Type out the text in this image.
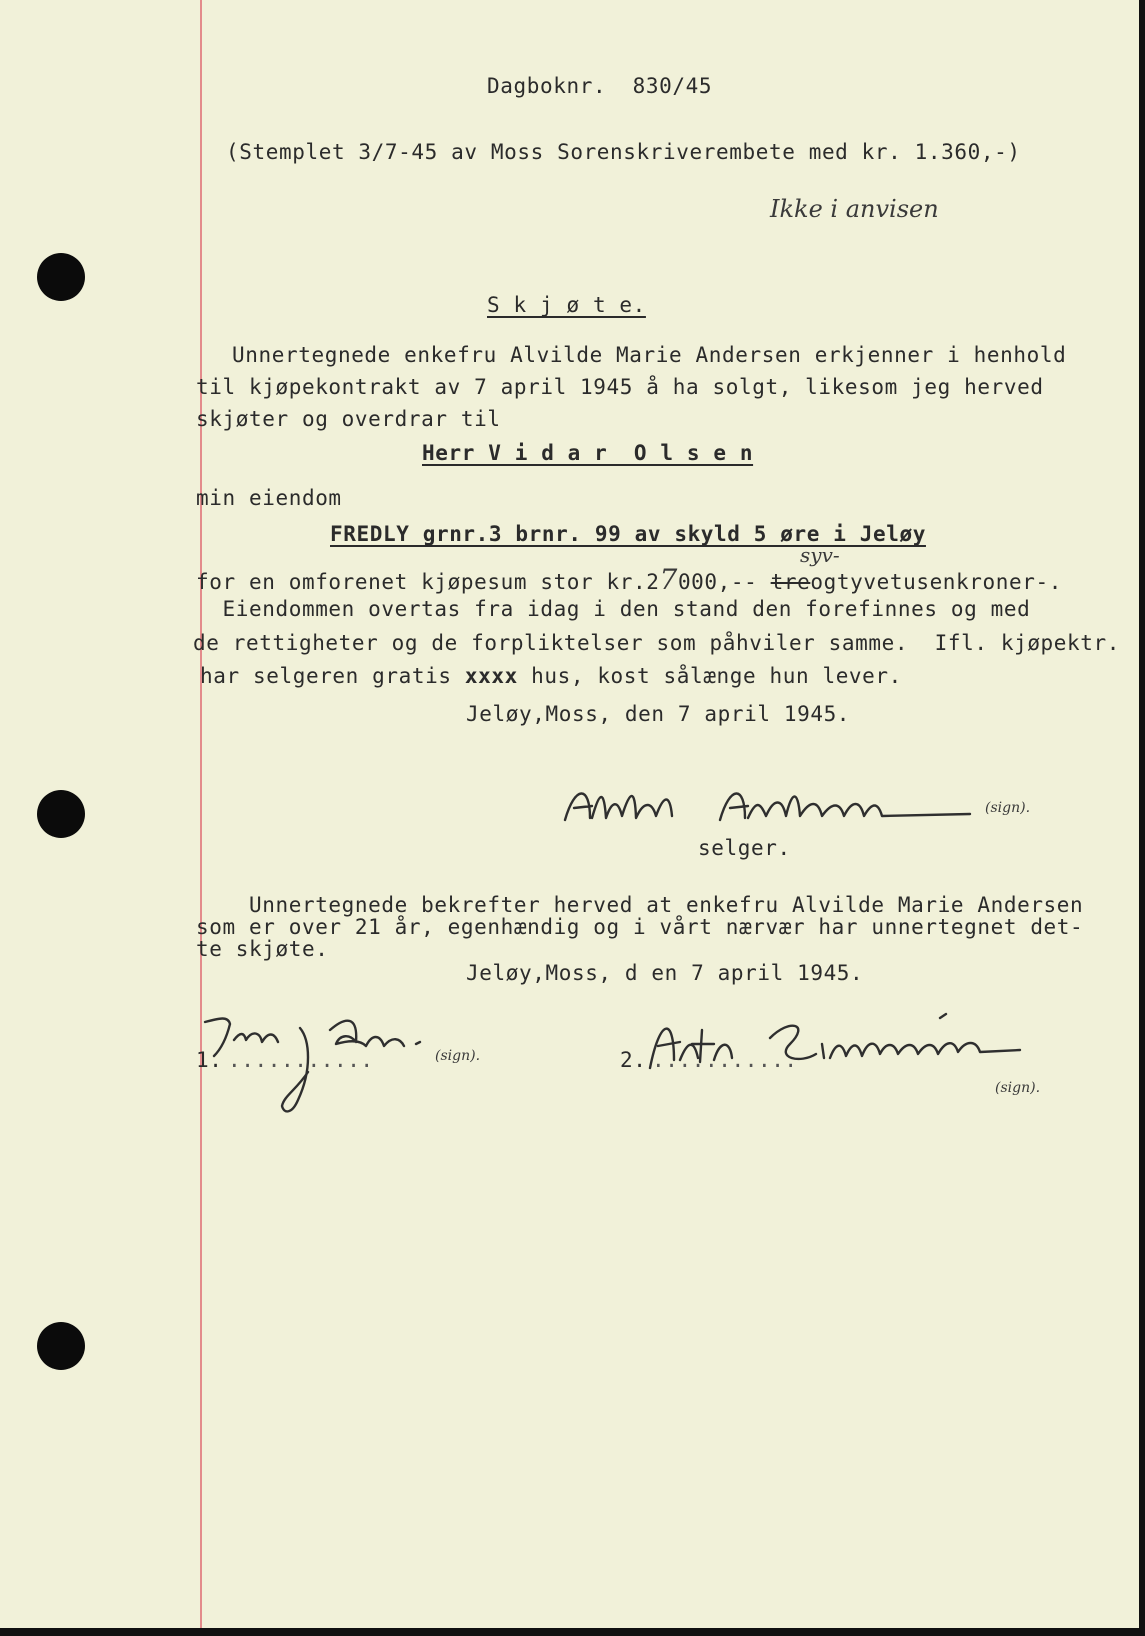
Dagboknr.  830/45
(Stemplet 3/7-45 av Moss Sorenskriverembete med kr. 1.360,-)
Ikke i anvisen
S k j ø t e.
Unnertegnede enkefru Alvilde Marie Andersen erkjenner i henhold
til kjøpekontrakt av 7 april 1945 å ha solgt, likesom jeg herved
skjøter og overdrar til
Herr V i d a r  O l s e n
min eiendom
FREDLY grnr.3 brnr. 99 av skyld 5 øre i Jeløy
syv-
for en omforenet kjøpesum stor kr.27000,-- treogtyvetusenkroner-.
Eiendommen overtas fra idag i den stand den forefinnes og med
de rettigheter og de forpliktelser som påhviler samme.  Ifl. kjøpektr.
har selgeren gratis xxxx hus, kost sålænge hun lever.
Jeløy,Moss, den 7 april 1945.
(sign).
selger.
Unnertegnede bekrefter herved at enkefru Alvilde Marie Andersen
som er over 21 år, egenhændig og i vårt nærvær har unnertegnet det-
te skjøte.
Jeløy,Moss, d en 7 april 1945.
1. ...........	(sign).	2. ...........
(sign).
